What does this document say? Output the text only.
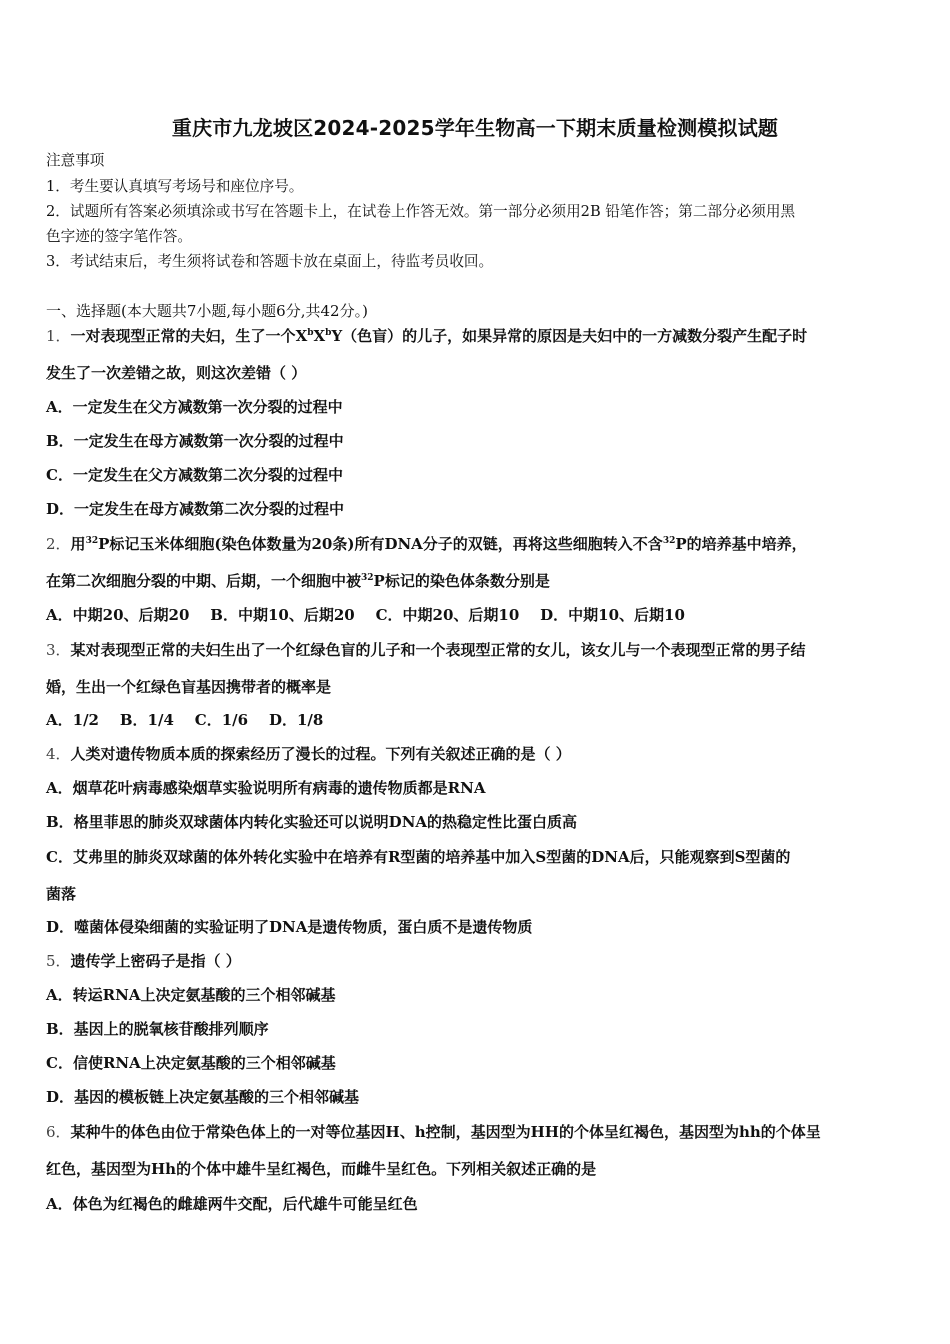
重庆市九龙坡区2024-2025学年生物高一下期末质量检测模拟试题
注意事项
1．考生要认真填写考场号和座位序号。
2．试题所有答案必须填涂或书写在答题卡上，在试卷上作答无效。第一部分必须用2B 铅笔作答；第二部分必须用黑
色字迹的签字笔作答。
3．考试结束后，考生须将试卷和答题卡放在桌面上，待监考员收回。
一、选择题(本大题共7小题,每小题6分,共42分。)
1．一对表现型正常的夫妇，生了一个$X^bX^bY$（色盲）的儿子，如果异常的原因是夫妇中的一方减数分裂产生配子时
发生了一次差错之故，则这次差错（ ）
A．一定发生在父方减数第一次分裂的过程中
B．一定发生在母方减数第一次分裂的过程中
C．一定发生在父方减数第二次分裂的过程中
D．一定发生在母方减数第二次分裂的过程中
2．用$^{32}$P标记玉米体细胞(染色体数量为20条)所有DNA分子的双链，再将这些细胞转入不含$^{32}$P的培养基中培养，
在第二次细胞分裂的中期、后期，一个细胞中被$^{32}$P标记的染色体条数分别是
A．中期20、后期20    B．中期10、后期20    C．中期20、后期10    D．中期10、后期10
3．某对表现型正常的夫妇生出了一个红绿色盲的儿子和一个表现型正常的女儿，该女儿与一个表现型正常的男子结
婚，生出一个红绿色盲基因携带者的概率是
A．1/2    B．1/4    C．1/6    D．1/8
4．人类对遗传物质本质的探索经历了漫长的过程。下列有关叙述正确的是（ ）
A．烟草花叶病毒感染烟草实验说明所有病毒的遗传物质都是RNA
B．格里菲思的肺炎双球菌体内转化实验还可以说明DNA的热稳定性比蛋白质高
C．艾弗里的肺炎双球菌的体外转化实验中在培养有R型菌的培养基中加入S型菌的DNA后，只能观察到S型菌的
菌落
D．噬菌体侵染细菌的实验证明了DNA是遗传物质，蛋白质不是遗传物质
5．遗传学上密码子是指（ ）
A．转运RNA上决定氨基酸的三个相邻碱基
B．基因上的脱氧核苷酸排列顺序
C．信使RNA上决定氨基酸的三个相邻碱基
D．基因的模板链上决定氨基酸的三个相邻碱基
6．某种牛的体色由位于常染色体上的一对等位基因H、h控制，基因型为HH的个体呈红褐色，基因型为hh的个体呈
红色，基因型为Hh的个体中雄牛呈红褐色，而雌牛呈红色。下列相关叙述正确的是
A．体色为红褐色的雌雄两牛交配，后代雄牛可能呈红色
